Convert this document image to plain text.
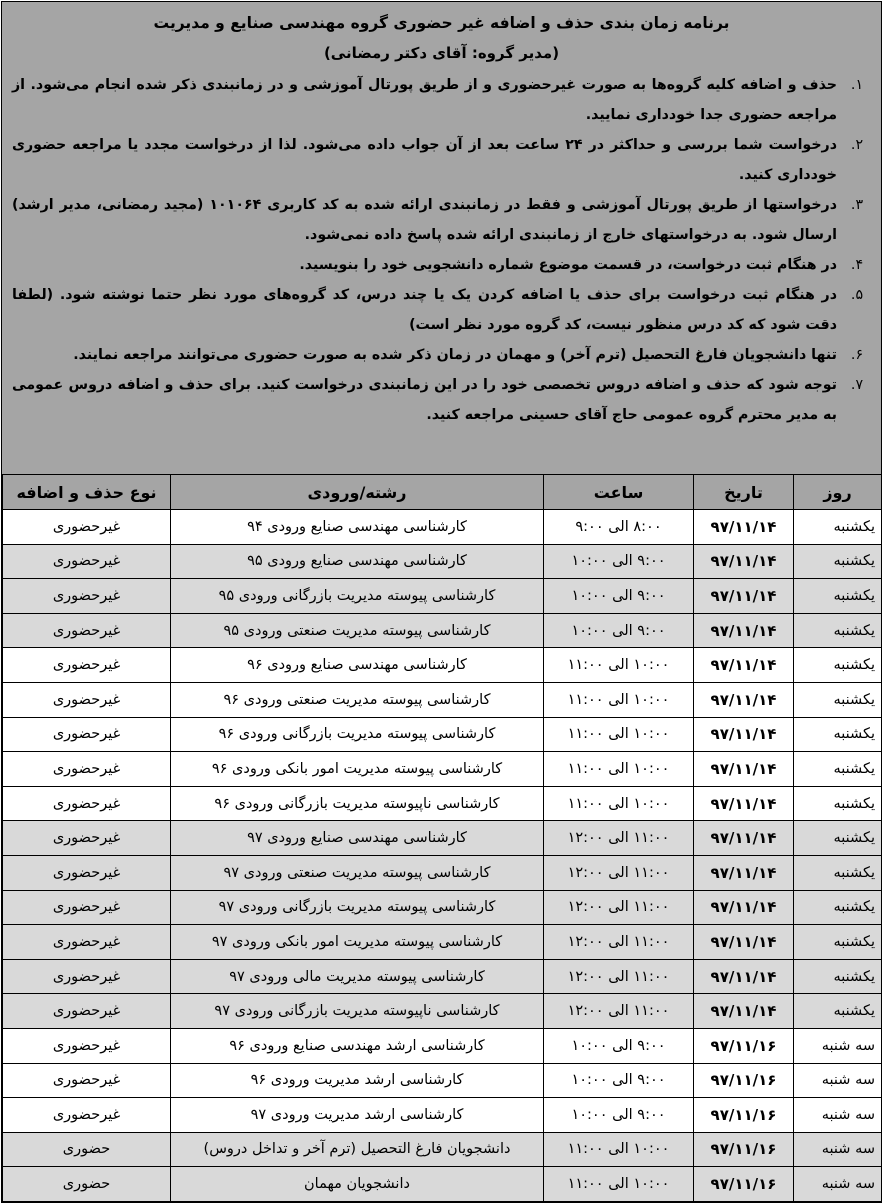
برنامه زمان بندی حذف و اضافه غیر حضوری گروه مهندسی صنایع و مدیریت
(مدیر گروه: آقای دکتر رمضانی)
۱.
حذف و اضافه کلیه گروه‌ها به صورت غیرحضوری و از طریق پورتال آموزشی و در زمانبندی ذکر شده انجام می‌شود. از مراجعه حضوری جدا خودداری نمایید.
۲.
درخواست شما بررسی و حداکثر در ۲۴ ساعت بعد از آن جواب داده می‌شود. لذا از درخواست مجدد یا مراجعه حضوری خودداری کنید.
۳.
درخواستها از طریق پورتال آموزشی و فقط در زمانبندی ارائه شده به کد کاربری ۱۰۱۰۶۴ (مجید رمضانی، مدیر ارشد) ارسال شود. به درخواستهای خارج از زمانبندی ارائه شده پاسخ داده نمی‌شود.
۴.
در هنگام ثبت درخواست، در قسمت موضوع شماره دانشجویی خود را بنویسید.
۵.
در هنگام ثبت درخواست برای حذف یا اضافه کردن یک یا چند درس، کد گروه‌های مورد نظر حتما نوشته شود. (لطفا دقت شود که کد درس منظور نیست، کد گروه مورد نظر است)
۶.
تنها دانشجویان فارغ التحصیل (ترم آخر) و مهمان در زمان ذکر شده به صورت حضوری می‌توانند مراجعه نمایند.
۷.
توجه شود که حذف و اضافه دروس تخصصی خود را در این زمانبندی درخواست کنید. برای حذف و اضافه دروس عمومی به مدیر محترم گروه عمومی حاج آقای حسینی مراجعه کنید.
روز	تاریخ	ساعت	رشته/ورودی	نوع حذف و اضافه
یکشنبه	۹۷/۱۱/۱۴	۸:۰۰ الی ۹:۰۰	کارشناسی مهندسی صنایع ورودی ۹۴	غیرحضوری
یکشنبه	۹۷/۱۱/۱۴	۹:۰۰ الی ۱۰:۰۰	کارشناسی مهندسی صنایع ورودی ۹۵	غیرحضوری
یکشنبه	۹۷/۱۱/۱۴	۹:۰۰ الی ۱۰:۰۰	کارشناسی پیوسته مدیریت بازرگانی ورودی ۹۵	غیرحضوری
یکشنبه	۹۷/۱۱/۱۴	۹:۰۰ الی ۱۰:۰۰	کارشناسی پیوسته مدیریت صنعتی ورودی ۹۵	غیرحضوری
یکشنبه	۹۷/۱۱/۱۴	۱۰:۰۰ الی ۱۱:۰۰	کارشناسی مهندسی صنایع ورودی ۹۶	غیرحضوری
یکشنبه	۹۷/۱۱/۱۴	۱۰:۰۰ الی ۱۱:۰۰	کارشناسی پیوسته مدیریت صنعتی ورودی ۹۶	غیرحضوری
یکشنبه	۹۷/۱۱/۱۴	۱۰:۰۰ الی ۱۱:۰۰	کارشناسی پیوسته مدیریت بازرگانی ورودی ۹۶	غیرحضوری
یکشنبه	۹۷/۱۱/۱۴	۱۰:۰۰ الی ۱۱:۰۰	کارشناسی پیوسته مدیریت امور بانکی ورودی ۹۶	غیرحضوری
یکشنبه	۹۷/۱۱/۱۴	۱۰:۰۰ الی ۱۱:۰۰	کارشناسی ناپیوسته مدیریت بازرگانی ورودی ۹۶	غیرحضوری
یکشنبه	۹۷/۱۱/۱۴	۱۱:۰۰ الی ۱۲:۰۰	کارشناسی مهندسی صنایع ورودی ۹۷	غیرحضوری
یکشنبه	۹۷/۱۱/۱۴	۱۱:۰۰ الی ۱۲:۰۰	کارشناسی پیوسته مدیریت صنعتی ورودی ۹۷	غیرحضوری
یکشنبه	۹۷/۱۱/۱۴	۱۱:۰۰ الی ۱۲:۰۰	کارشناسی پیوسته مدیریت بازرگانی ورودی ۹۷	غیرحضوری
یکشنبه	۹۷/۱۱/۱۴	۱۱:۰۰ الی ۱۲:۰۰	کارشناسی پیوسته مدیریت امور بانکی ورودی ۹۷	غیرحضوری
یکشنبه	۹۷/۱۱/۱۴	۱۱:۰۰ الی ۱۲:۰۰	کارشناسی پیوسته مدیریت مالی ورودی ۹۷	غیرحضوری
یکشنبه	۹۷/۱۱/۱۴	۱۱:۰۰ الی ۱۲:۰۰	کارشناسی ناپیوسته مدیریت بازرگانی ورودی ۹۷	غیرحضوری
سه شنبه	۹۷/۱۱/۱۶	۹:۰۰ الی ۱۰:۰۰	کارشناسی ارشد مهندسی صنایع ورودی ۹۶	غیرحضوری
سه شنبه	۹۷/۱۱/۱۶	۹:۰۰ الی ۱۰:۰۰	کارشناسی ارشد مدیریت ورودی ۹۶	غیرحضوری
سه شنبه	۹۷/۱۱/۱۶	۹:۰۰ الی ۱۰:۰۰	کارشناسی ارشد مدیریت ورودی ۹۷	غیرحضوری
سه شنبه	۹۷/۱۱/۱۶	۱۰:۰۰ الی ۱۱:۰۰	دانشجویان فارغ التحصیل (ترم آخر و تداخل دروس)	حضوری
سه شنبه	۹۷/۱۱/۱۶	۱۰:۰۰ الی ۱۱:۰۰	دانشجویان مهمان	حضوری
